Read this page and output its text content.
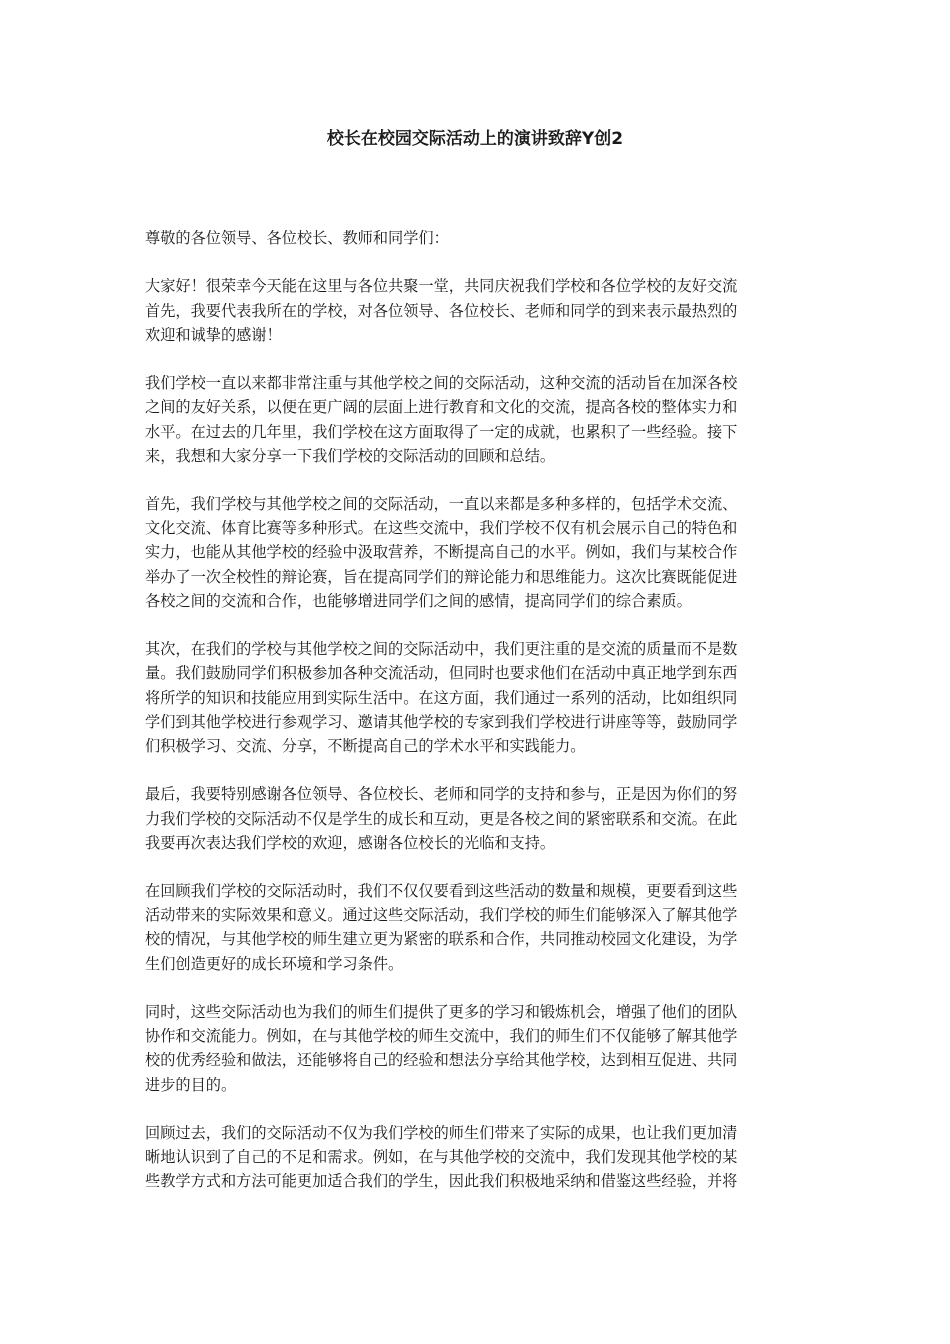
校长在校园交际活动上的演讲致辞Y创2

尊敬的各位领导、各位校长、教师和同学们：

大家好！很荣幸今天能在这里与各位共聚一堂，共同庆祝我们学校和各位学校的友好交流
首先，我要代表我所在的学校，对各位领导、各位校长、老师和同学的到来表示最热烈的
欢迎和诚挚的感谢！

我们学校一直以来都非常注重与其他学校之间的交际活动，这种交流的活动旨在加深各校
之间的友好关系，以便在更广阔的层面上进行教育和文化的交流，提高各校的整体实力和
水平。在过去的几年里，我们学校在这方面取得了一定的成就，也累积了一些经验。接下
来，我想和大家分享一下我们学校的交际活动的回顾和总结。

首先，我们学校与其他学校之间的交际活动，一直以来都是多种多样的，包括学术交流、
文化交流、体育比赛等多种形式。在这些交流中，我们学校不仅有机会展示自己的特色和
实力，也能从其他学校的经验中汲取营养，不断提高自己的水平。例如，我们与某校合作
举办了一次全校性的辩论赛，旨在提高同学们的辩论能力和思维能力。这次比赛既能促进
各校之间的交流和合作，也能够增进同学们之间的感情，提高同学们的综合素质。

其次，在我们的学校与其他学校之间的交际活动中，我们更注重的是交流的质量而不是数
量。我们鼓励同学们积极参加各种交流活动，但同时也要求他们在活动中真正地学到东西
将所学的知识和技能应用到实际生活中。在这方面，我们通过一系列的活动，比如组织同
学们到其他学校进行参观学习、邀请其他学校的专家到我们学校进行讲座等等，鼓励同学
们积极学习、交流、分享，不断提高自己的学术水平和实践能力。

最后，我要特别感谢各位领导、各位校长、老师和同学的支持和参与，正是因为你们的努
力我们学校的交际活动不仅是学生的成长和互动，更是各校之间的紧密联系和交流。在此
我要再次表达我们学校的欢迎，感谢各位校长的光临和支持。

在回顾我们学校的交际活动时，我们不仅仅要看到这些活动的数量和规模，更要看到这些
活动带来的实际效果和意义。通过这些交际活动，我们学校的师生们能够深入了解其他学
校的情况，与其他学校的师生建立更为紧密的联系和合作，共同推动校园文化建设，为学
生们创造更好的成长环境和学习条件。

同时，这些交际活动也为我们的师生们提供了更多的学习和锻炼机会，增强了他们的团队
协作和交流能力。例如，在与其他学校的师生交流中，我们的师生们不仅能够了解其他学
校的优秀经验和做法，还能够将自己的经验和想法分享给其他学校，达到相互促进、共同
进步的目的。

回顾过去，我们的交际活动不仅为我们学校的师生们带来了实际的成果，也让我们更加清
晰地认识到了自己的不足和需求。例如，在与其他学校的交流中，我们发现其他学校的某
些教学方式和方法可能更加适合我们的学生，因此我们积极地采纳和借鉴这些经验，并将
